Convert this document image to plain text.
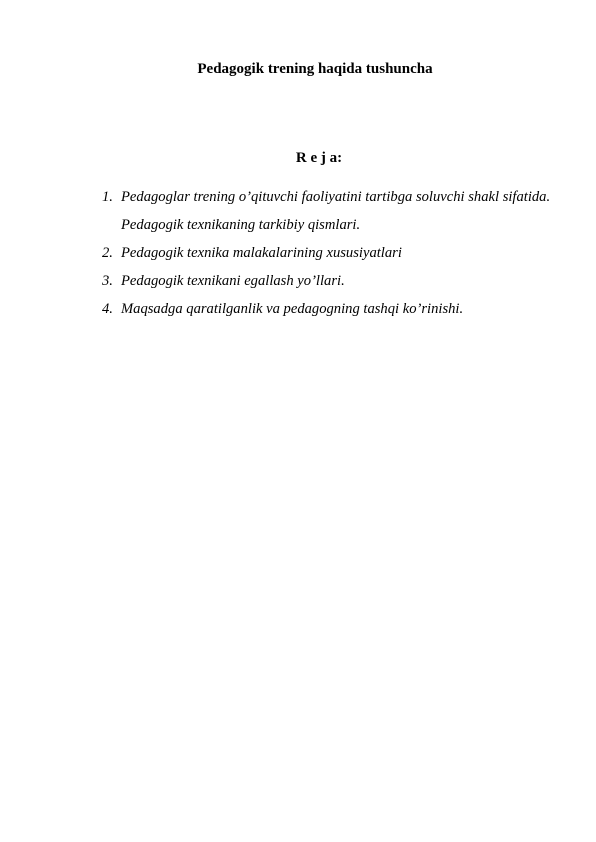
Pedagogik trening haqida tushuncha
R e j a:
1. Pedagoglar trening o’qituvchi faoliyatini tartibga soluvchi shakl sifatida. Pedagogik texnikaning tarkibiy qismlari.
2. Pedagogik texnika malakalarining xususiyatlari
3. Pedagogik texnikani egallash yo’llari.
4. Maqsadga qaratilganlik va pedagogning tashqi ko’rinishi.
